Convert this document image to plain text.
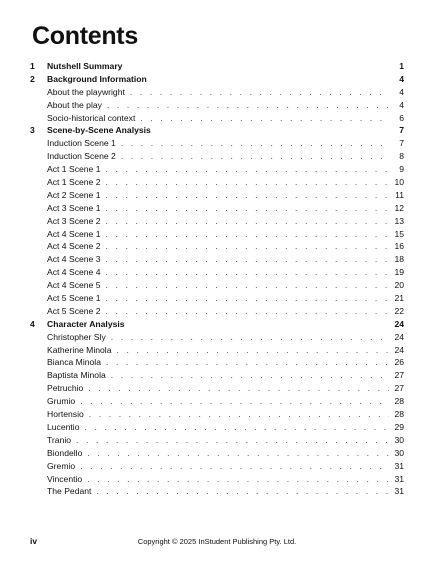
Contents
1	Nutshell Summary	1
2	Background Information	4
About the playwright . . .	4
About the play . . .	4
Socio-historical context . . .	6
3	Scene-by-Scene Analysis	7
Induction Scene 1 . . .	7
Induction Scene 2 . . .	8
Act 1 Scene 1 . . .	9
Act 1 Scene 2 . . .	10
Act 2 Scene 1 . . .	11
Act 3 Scene 1 . . .	12
Act 3 Scene 2 . . .	13
Act 4 Scene 1 . . .	15
Act 4 Scene 2 . . .	16
Act 4 Scene 3 . . .	18
Act 4 Scene 4 . . .	19
Act 4 Scene 5 . . .	20
Act 5 Scene 1 . . .	21
Act 5 Scene 2 . . .	22
4	Character Analysis	24
Christopher Sly . . .	24
Katherine Minola . . .	24
Bianca Minola . . .	26
Baptista Minola . . .	27
Petruchio . . .	27
Grumio . . .	28
Hortensio . . .	28
Lucentio . . .	29
Tranio . . .	30
Biondello . . .	30
Gremio . . .	31
Vincentio . . .	31
The Pedant . . .	31
iv	Copyright © 2025 InStudent Publishing Pty. Ltd.
